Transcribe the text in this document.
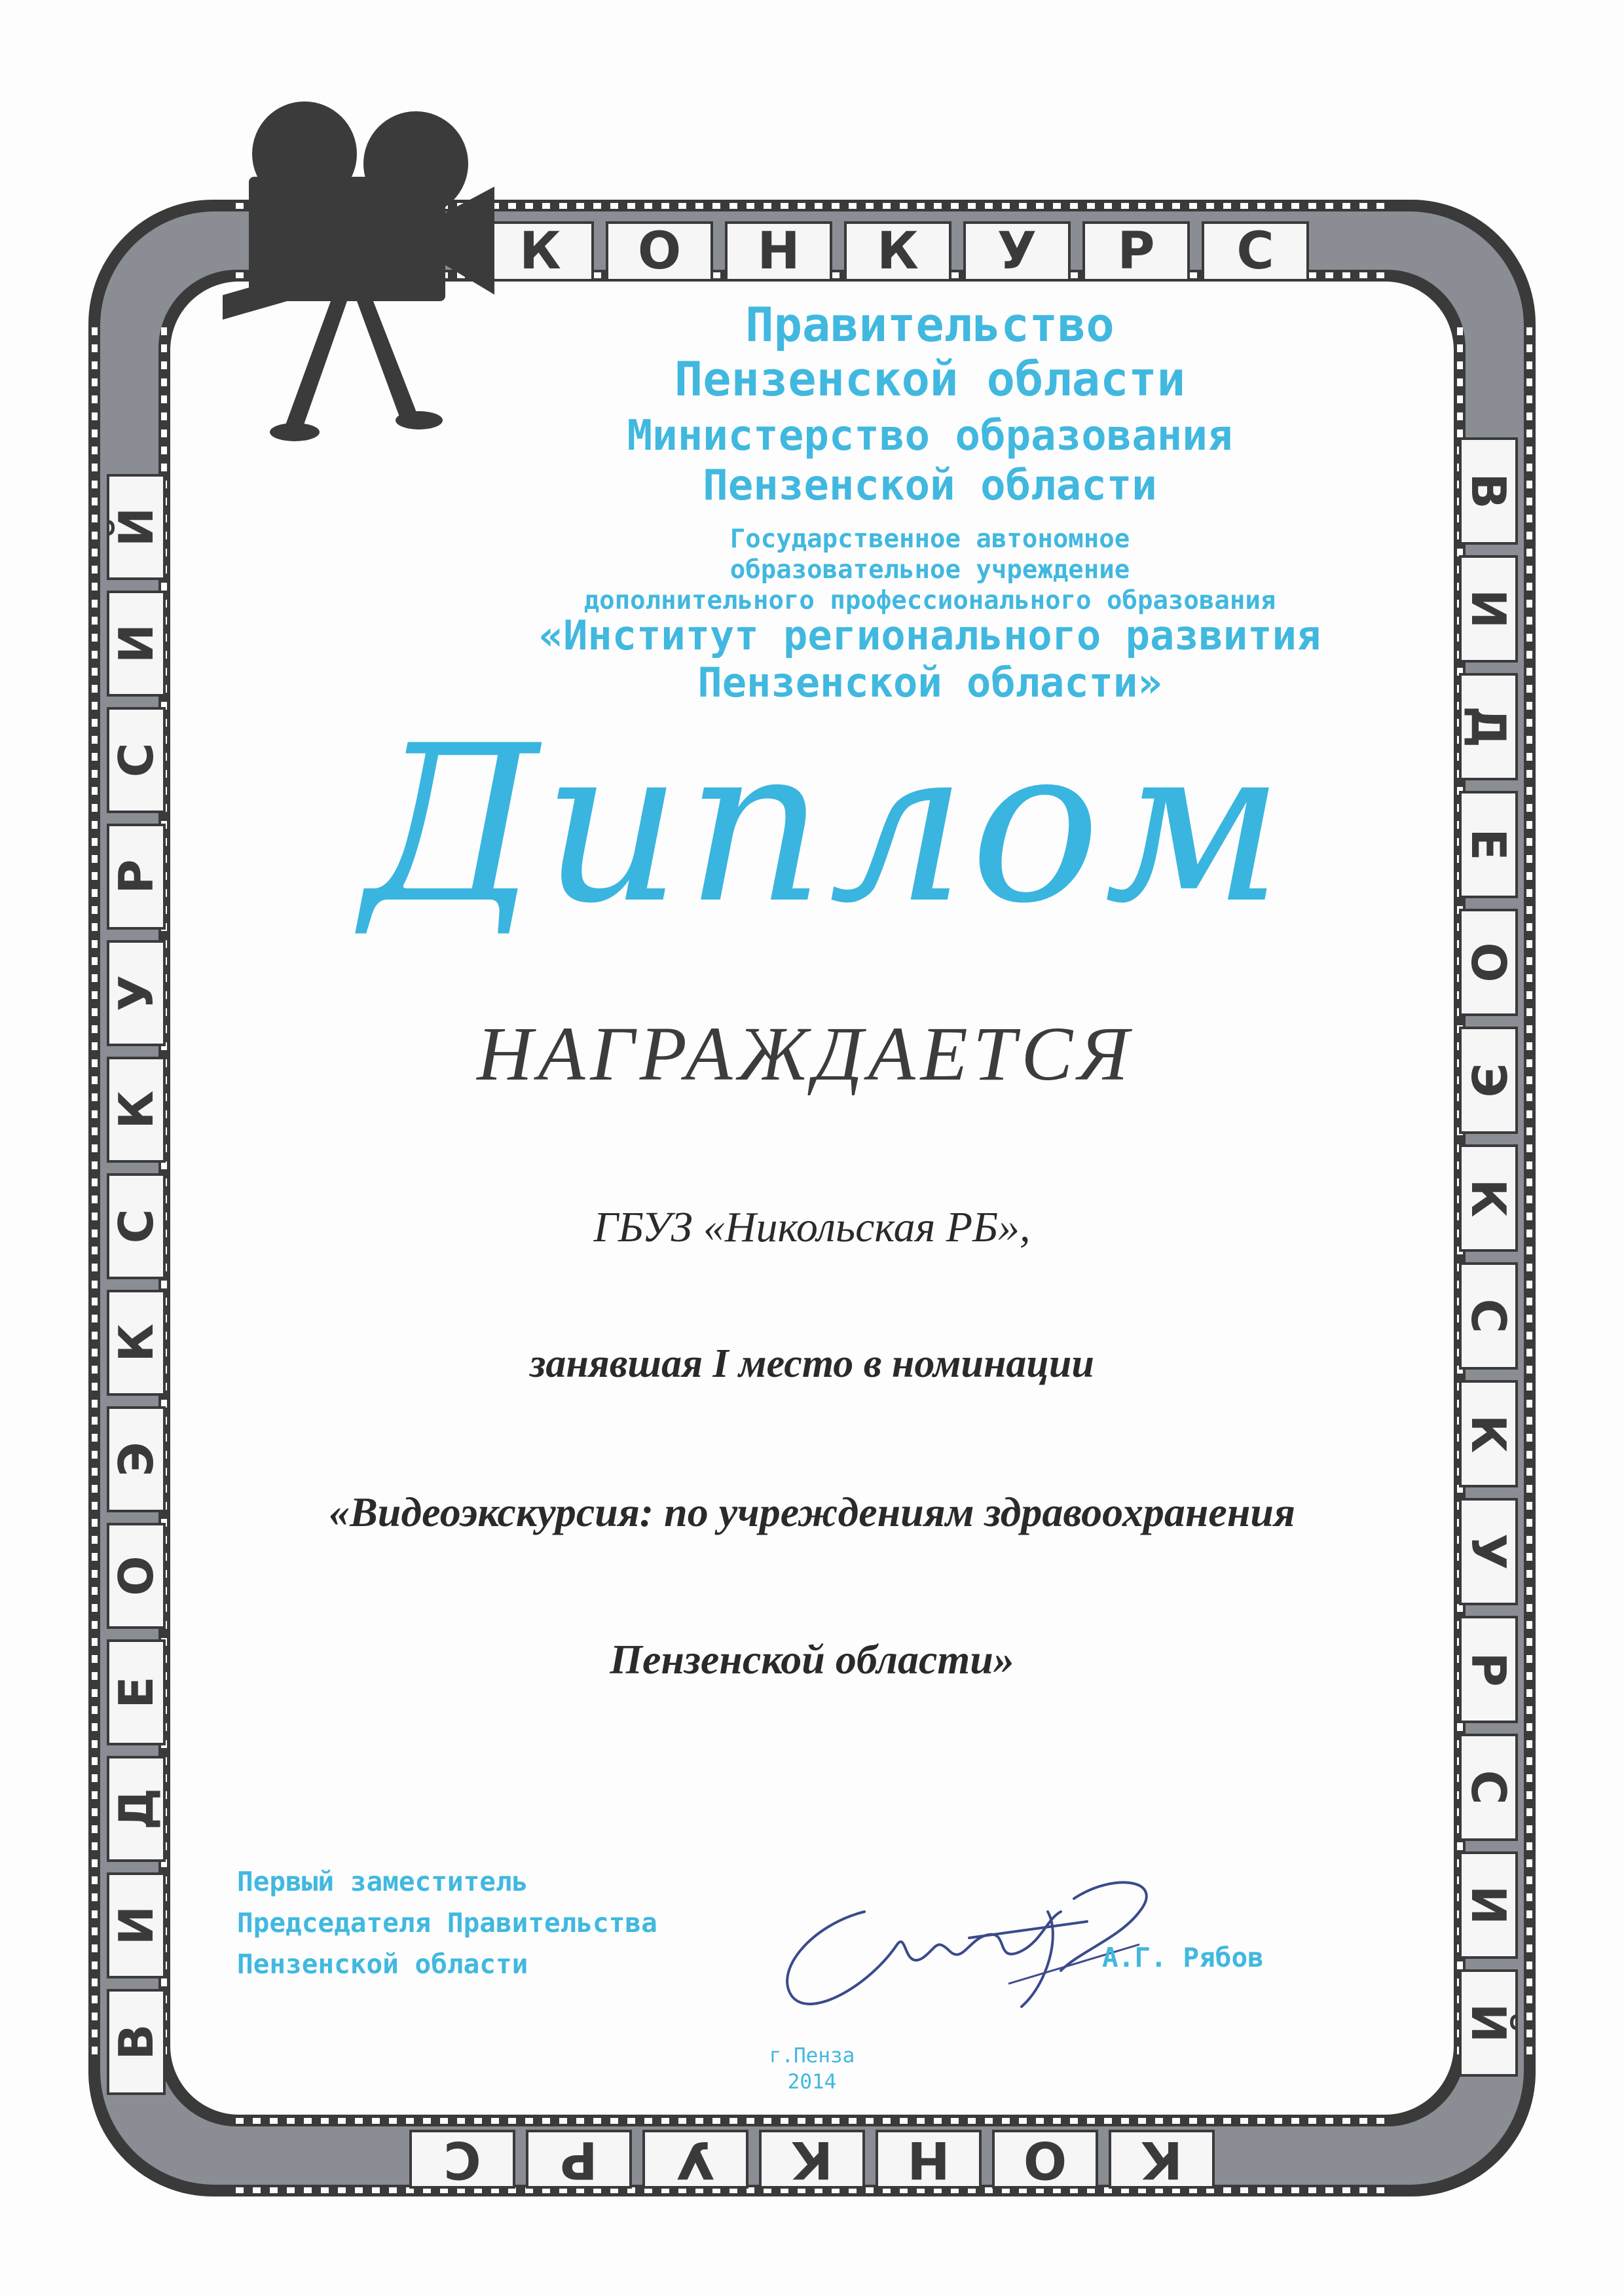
К О Н К У Р С
К
О
Н
К
У
Р
С
В
И
Д
Е
О
Э
К
С
К
У
Р
С
И
Й
В
И
Д
Е
О
Э
К
С
К
У
Р
С
И
Й

Правительство
Пензенской области

Министерство образования
Пензенской области

Государственное автономное
образовательное учреждение
дополнительного профессионального образования

«Институт регионального развития
Пензенской области»

Диплом
НАГРАЖДАЕТСЯ
ГБУЗ «Никольская РБ»,
занявшая I место в номинации
«Видеоэкскурсия: по учреждениям здравоохранения
Пензенской области»
Первый заместитель
Председателя Правительства
Пензенской области	А.Г. Рябов
г.Пенза
2014
